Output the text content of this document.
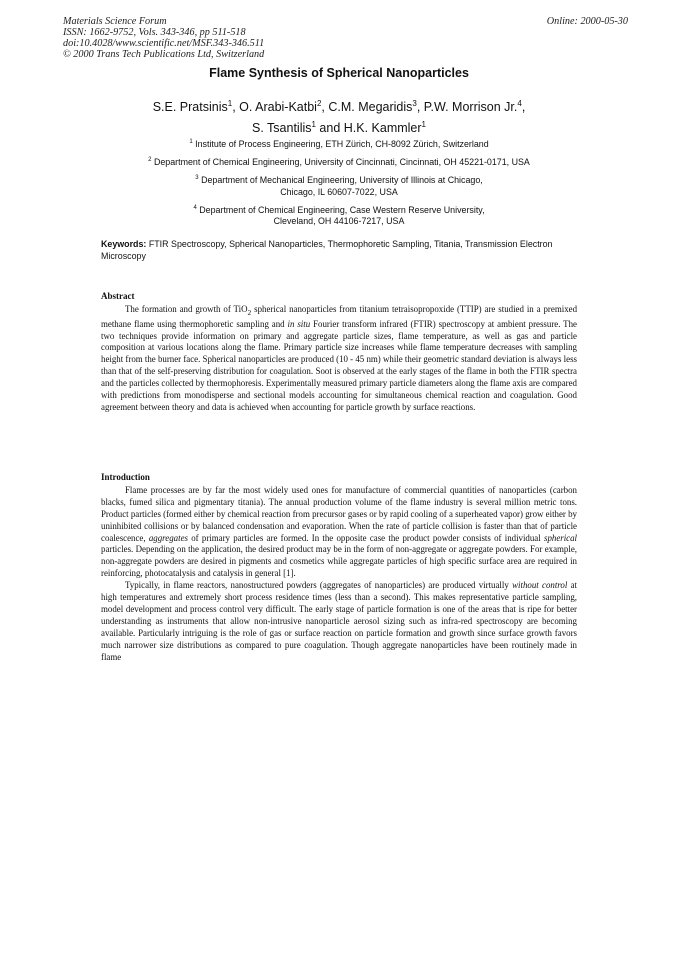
Materials Science Forum
ISSN: 1662-9752, Vols. 343-346, pp 511-518
doi:10.4028/www.scientific.net/MSF.343-346.511
© 2000 Trans Tech Publications Ltd, Switzerland
Online: 2000-05-30
Flame Synthesis of Spherical Nanoparticles
S.E. Pratsinis$^1$, O. Arabi-Katbi$^2$, C.M. Megaridis$^3$, P.W. Morrison Jr.$^4$,
S. Tsantilis$^1$ and H.K. Kammler$^1$
$^1$ Institute of Process Engineering, ETH Zürich, CH-8092 Zürich, Switzerland
$^2$ Department of Chemical Engineering, University of Cincinnati, Cincinnati, OH 45221-0171, USA
$^3$ Department of Mechanical Engineering, University of Illinois at Chicago,
Chicago, IL 60607-7022, USA
$^4$ Department of Chemical Engineering, Case Western Reserve University,
Cleveland, OH 44106-7217, USA
Keywords: FTIR Spectroscopy, Spherical Nanoparticles, Thermophoretic Sampling, Titania, Transmission Electron Microscopy
Abstract

The formation and growth of TiO$_2$ spherical nanoparticles from titanium tetraisopropoxide (TTIP) are studied in a premixed methane flame using thermophoretic sampling and in situ Fourier transform infrared (FTIR) spectroscopy at ambient pressure. The two techniques provide information on primary and aggregate particle sizes, flame temperature, as well as gas and particle composition at various locations along the flame. Primary particle size increases while flame temperature decreases with sampling height from the burner face. Spherical nanoparticles are produced (10 - 45 nm) while their geometric standard deviation is always less than that of the self-preserving distribution for coagulation. Soot is observed at the early stages of the flame in both the FTIR spectra and the particles collected by thermophoresis. Experimentally measured primary particle diameters along the flame axis are compared with predictions from monodisperse and sectional models accounting for simultaneous chemical reaction and coagulation. Good agreement between theory and data is achieved when accounting for particle growth by surface reactions.

Introduction

Flame processes are by far the most widely used ones for manufacture of commercial quantities of nanoparticles (carbon blacks, fumed silica and pigmentary titania). The annual production volume of the flame industry is several million metric tons. Product particles (formed either by chemical reaction from precursor gases or by rapid cooling of a superheated vapor) grow either by uninhibited collisions or by balanced condensation and evaporation. When the rate of particle collision is faster than that of particle coalescence, aggregates of primary particles are formed. In the opposite case the product powder consists of individual spherical particles. Depending on the application, the desired product may be in the form of non-aggregate or aggregate powders. For example, non-aggregate powders are desired in pigments and cosmetics while aggregate particles of high specific surface area are required in reinforcing, photocatalysis and catalysis in general [1].

Typically, in flame reactors, nanostructured powders (aggregates of nanoparticles) are produced virtually without control at high temperatures and extremely short process residence times (less than a second). This makes representative particle sampling, model development and process control very difficult. The early stage of particle formation is one of the areas that is ripe for better understanding as instruments that allow non-intrusive nanoparticle aerosol sizing such as infra-red spectroscopy are becoming available. Particularly intriguing is the role of gas or surface reaction on particle formation and growth since surface growth favors much narrower size distributions as compared to pure coagulation. Though aggregate nanoparticles have been routinely made in flame
